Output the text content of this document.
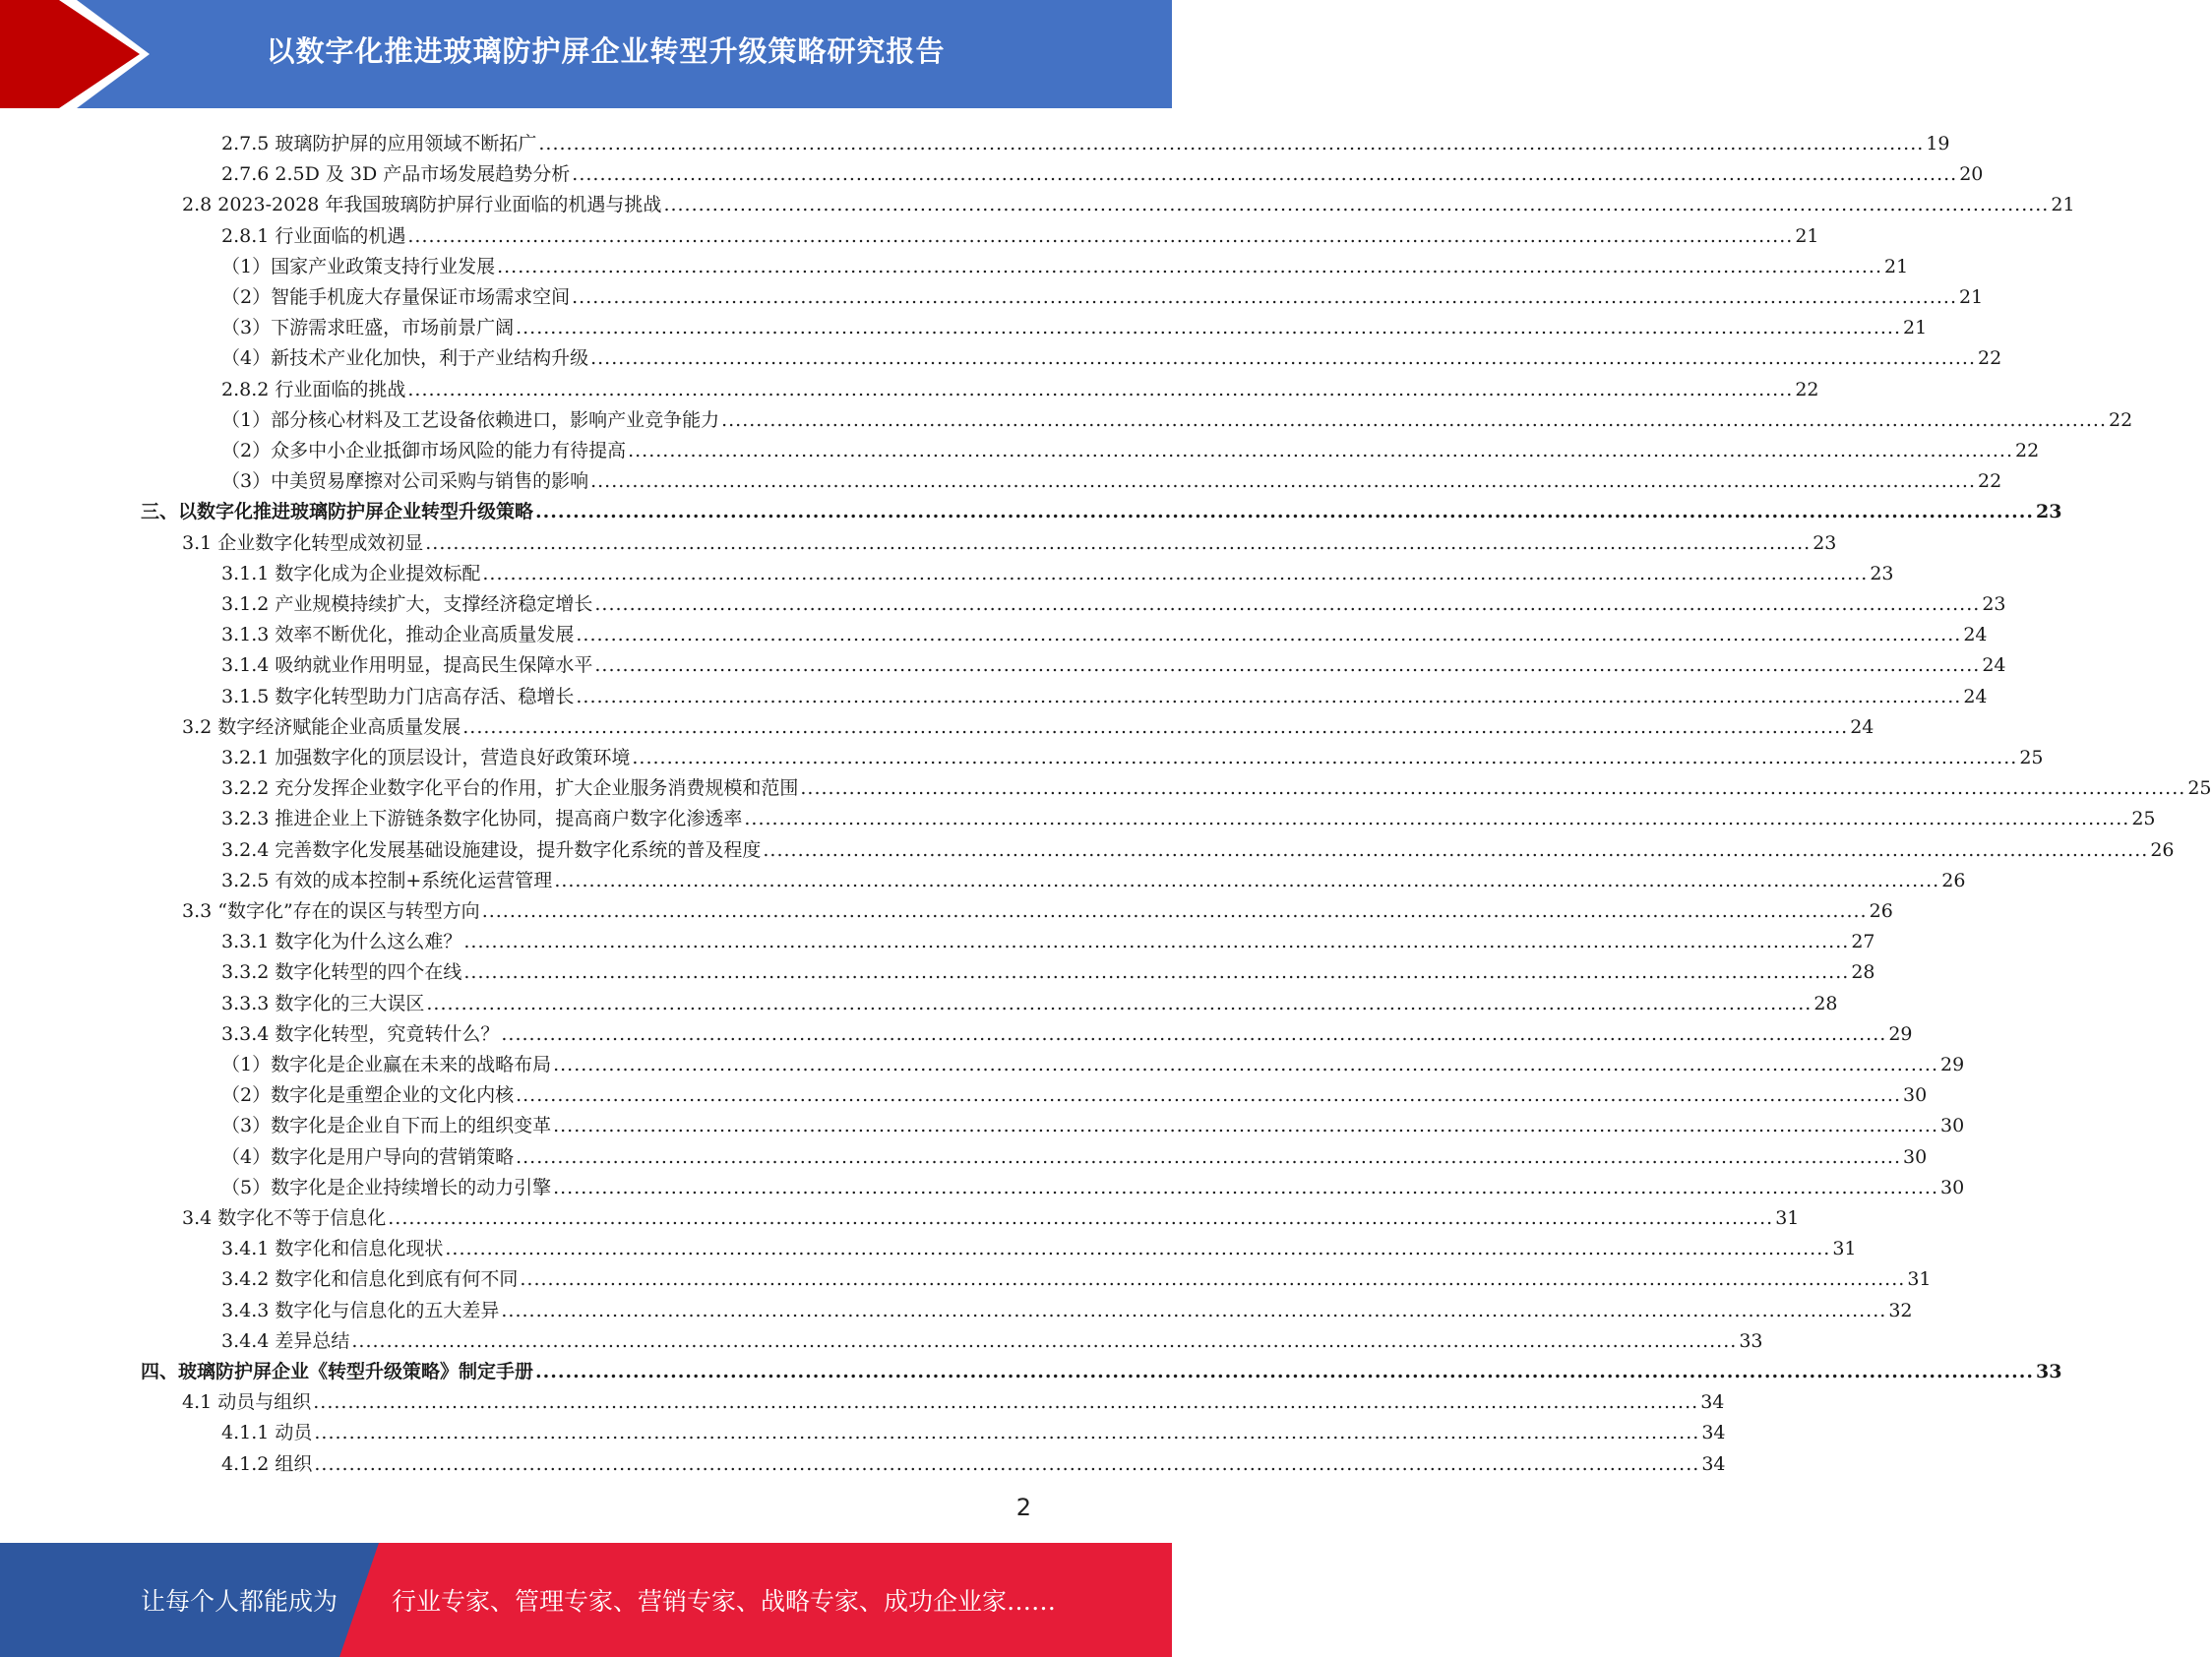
以数字化推进玻璃防护屏企业转型升级策略研究报告
2.7.5 玻璃防护屏的应用领域不断拓广 ........................................................................................................................................................................................................ 19
2.7.6 2.5D 及 3D 产品市场发展趋势分析 ........................................................................................................................................................................................................ 20
2.8 2023-2028 年我国玻璃防护屏行业面临的机遇与挑战 ........................................................................................................................................................................................................ 21
2.8.1 行业面临的机遇 ........................................................................................................................................................................................................ 21
（1）国家产业政策支持行业发展 ........................................................................................................................................................................................................ 21
（2）智能手机庞大存量保证市场需求空间 ........................................................................................................................................................................................................ 21
（3）下游需求旺盛，市场前景广阔 ........................................................................................................................................................................................................ 21
（4）新技术产业化加快，利于产业结构升级 ........................................................................................................................................................................................................ 22
2.8.2 行业面临的挑战 ........................................................................................................................................................................................................ 22
（1）部分核心材料及工艺设备依赖进口，影响产业竞争能力 ........................................................................................................................................................................................................ 22
（2）众多中小企业抵御市场风险的能力有待提高 ........................................................................................................................................................................................................ 22
（3）中美贸易摩擦对公司采购与销售的影响 ........................................................................................................................................................................................................ 22
三、以数字化推进玻璃防护屏企业转型升级策略 ........................................................................................................................................................................................................ 23
3.1 企业数字化转型成效初显 ........................................................................................................................................................................................................ 23
3.1.1 数字化成为企业提效标配 ........................................................................................................................................................................................................ 23
3.1.2 产业规模持续扩大，支撑经济稳定增长 ........................................................................................................................................................................................................ 23
3.1.3 效率不断优化，推动企业高质量发展 ........................................................................................................................................................................................................ 24
3.1.4 吸纳就业作用明显，提高民生保障水平 ........................................................................................................................................................................................................ 24
3.1.5 数字化转型助力门店高存活、稳增长 ........................................................................................................................................................................................................ 24
3.2 数字经济赋能企业高质量发展 ........................................................................................................................................................................................................ 24
3.2.1 加强数字化的顶层设计，营造良好政策环境 ........................................................................................................................................................................................................ 25
3.2.2 充分发挥企业数字化平台的作用，扩大企业服务消费规模和范围 ........................................................................................................................................................................................................ 25
3.2.3 推进企业上下游链条数字化协同，提高商户数字化渗透率 ........................................................................................................................................................................................................ 25
3.2.4 完善数字化发展基础设施建设，提升数字化系统的普及程度 ........................................................................................................................................................................................................ 26
3.2.5 有效的成本控制+系统化运营管理 ........................................................................................................................................................................................................ 26
3.3 “数字化”存在的误区与转型方向 ........................................................................................................................................................................................................ 26
3.3.1 数字化为什么这么难？ ........................................................................................................................................................................................................ 27
3.3.2 数字化转型的四个在线 ........................................................................................................................................................................................................ 28
3.3.3 数字化的三大误区 ........................................................................................................................................................................................................ 28
3.3.4 数字化转型，究竟转什么？ ........................................................................................................................................................................................................ 29
（1）数字化是企业赢在未来的战略布局 ........................................................................................................................................................................................................ 29
（2）数字化是重塑企业的文化内核 ........................................................................................................................................................................................................ 30
（3）数字化是企业自下而上的组织变革 ........................................................................................................................................................................................................ 30
（4）数字化是用户导向的营销策略 ........................................................................................................................................................................................................ 30
（5）数字化是企业持续增长的动力引擎 ........................................................................................................................................................................................................ 30
3.4 数字化不等于信息化 ........................................................................................................................................................................................................ 31
3.4.1 数字化和信息化现状 ........................................................................................................................................................................................................ 31
3.4.2 数字化和信息化到底有何不同 ........................................................................................................................................................................................................ 31
3.4.3 数字化与信息化的五大差异 ........................................................................................................................................................................................................ 32
3.4.4 差异总结 ........................................................................................................................................................................................................ 33
四、玻璃防护屏企业《转型升级策略》制定手册 ........................................................................................................................................................................................................ 33
4.1 动员与组织 ........................................................................................................................................................................................................ 34
4.1.1 动员 ........................................................................................................................................................................................................ 34
4.1.2 组织 ........................................................................................................................................................................................................ 34
2
让每个人都能成为 行业专家、管理专家、营销专家、战略专家、成功企业家……
